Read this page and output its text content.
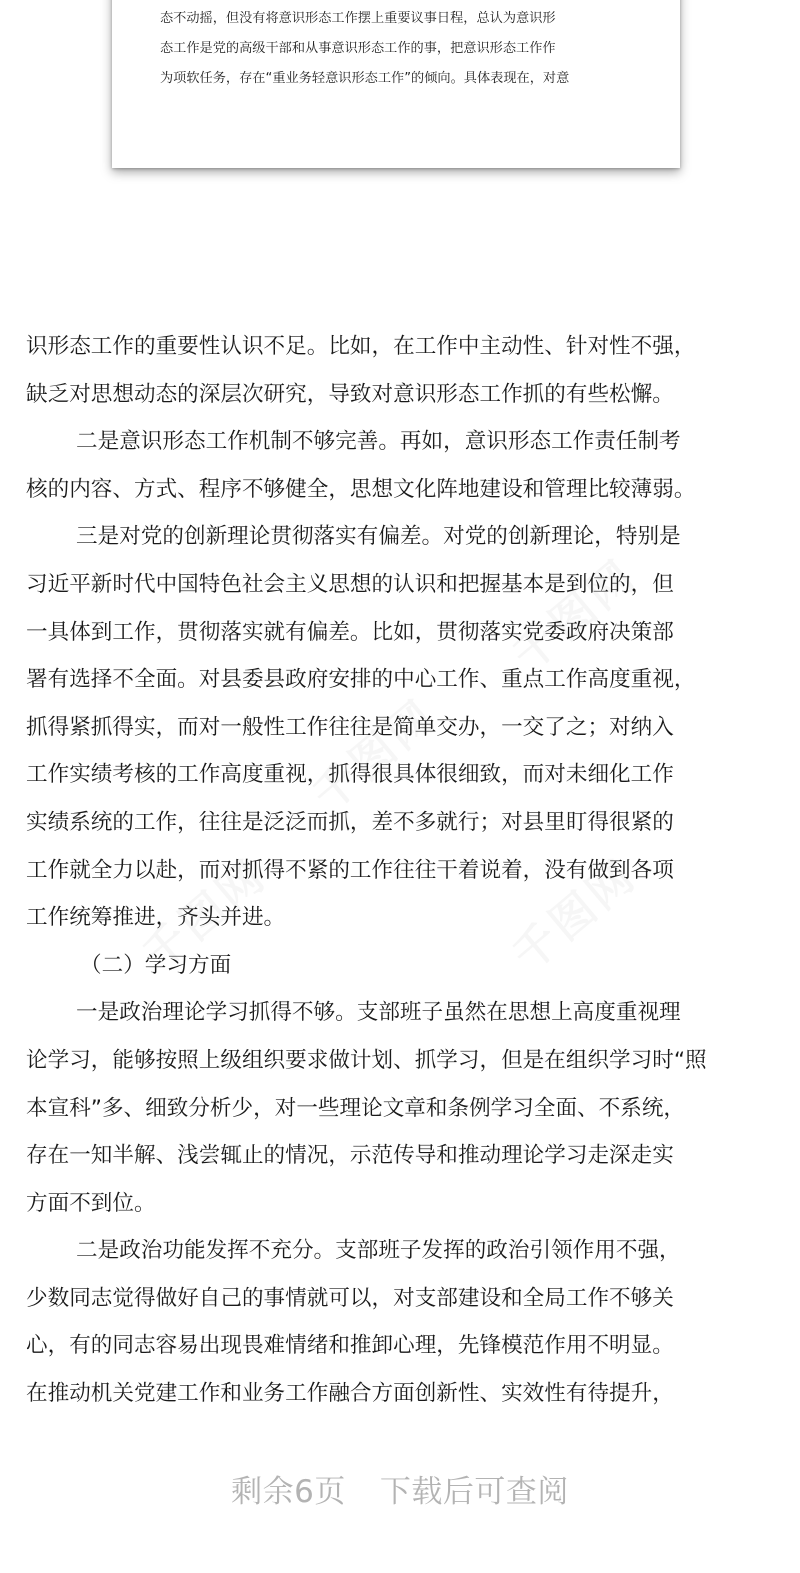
态不动摇，但没有将意识形态工作摆上重要议事日程，总认为意识形
态工作是党的高级干部和从事意识形态工作的事，把意识形态工作作
为项软任务，存在“重业务轻意识形态工作”的倾向。具体表现在，对意
识形态工作的重要性认识不足。比如，在工作中主动性、针对性不强，
缺乏对思想动态的深层次研究，导致对意识形态工作抓的有些松懈。
二是意识形态工作机制不够完善。再如，意识形态工作责任制考
核的内容、方式、程序不够健全，思想文化阵地建设和管理比较薄弱。
三是对党的创新理论贯彻落实有偏差。对党的创新理论，特别是
习近平新时代中国特色社会主义思想的认识和把握基本是到位的，但
一具体到工作，贯彻落实就有偏差。比如，贯彻落实党委政府决策部
署有选择不全面。对县委县政府安排的中心工作、重点工作高度重视，
抓得紧抓得实，而对一般性工作往往是简单交办，一交了之；对纳入
工作实绩考核的工作高度重视，抓得很具体很细致，而对未细化工作
实绩系统的工作，往往是泛泛而抓，差不多就行；对县里盯得很紧的
工作就全力以赴，而对抓得不紧的工作往往干着说着，没有做到各项
工作统筹推进，齐头并进。
（二）学习方面
一是政治理论学习抓得不够。支部班子虽然在思想上高度重视理
论学习，能够按照上级组织要求做计划、抓学习，但是在组织学习时“照
本宣科”多、细致分析少，对一些理论文章和条例学习全面、不系统，
存在一知半解、浅尝辄止的情况，示范传导和推动理论学习走深走实
方面不到位。
二是政治功能发挥不充分。支部班子发挥的政治引领作用不强，
少数同志觉得做好自己的事情就可以，对支部建设和全局工作不够关
心，有的同志容易出现畏难情绪和推卸心理，先锋模范作用不明显。
在推动机关党建工作和业务工作融合方面创新性、实效性有待提升，
剩余6页 下载后可查阅
